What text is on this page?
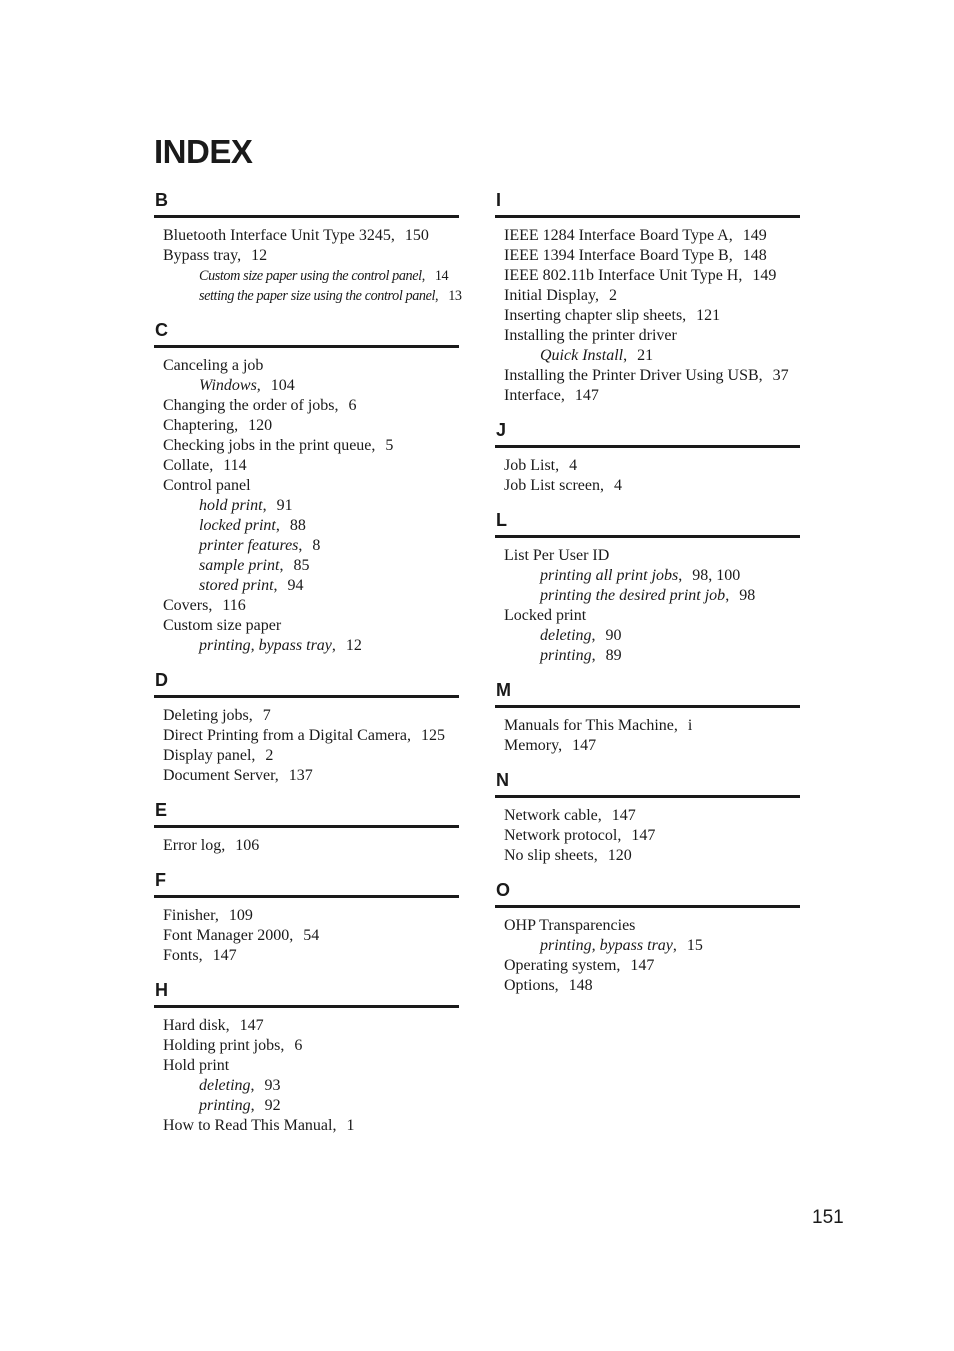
INDEX
B
Bluetooth Interface Unit Type 3245, 150
Bypass tray, 12
Custom size paper using the control panel, 14
setting the paper size using the control panel, 13
C
Canceling a job
Windows, 104
Changing the order of jobs, 6
Chaptering, 120
Checking jobs in the print queue, 5
Collate, 114
Control panel
hold print, 91
locked print, 88
printer features, 8
sample print, 85
stored print, 94
Covers, 116
Custom size paper
printing, bypass tray, 12
D
Deleting jobs, 7
Direct Printing from a Digital Camera, 125
Display panel, 2
Document Server, 137
E
Error log, 106
F
Finisher, 109
Font Manager 2000, 54
Fonts, 147
H
Hard disk, 147
Holding print jobs, 6
Hold print
deleting, 93
printing, 92
How to Read This Manual, 1
I
IEEE 1284 Interface Board Type A, 149
IEEE 1394 Interface Board Type B, 148
IEEE 802.11b Interface Unit Type H, 149
Initial Display, 2
Inserting chapter slip sheets, 121
Installing the printer driver
Quick Install, 21
Installing the Printer Driver Using USB, 37
Interface, 147
J
Job List, 4
Job List screen, 4
L
List Per User ID
printing all print jobs, 98, 100
printing the desired print job, 98
Locked print
deleting, 90
printing, 89
M
Manuals for This Machine, i
Memory, 147
N
Network cable, 147
Network protocol, 147
No slip sheets, 120
O
OHP Transparencies
printing, bypass tray, 15
Operating system, 147
Options, 148
151
